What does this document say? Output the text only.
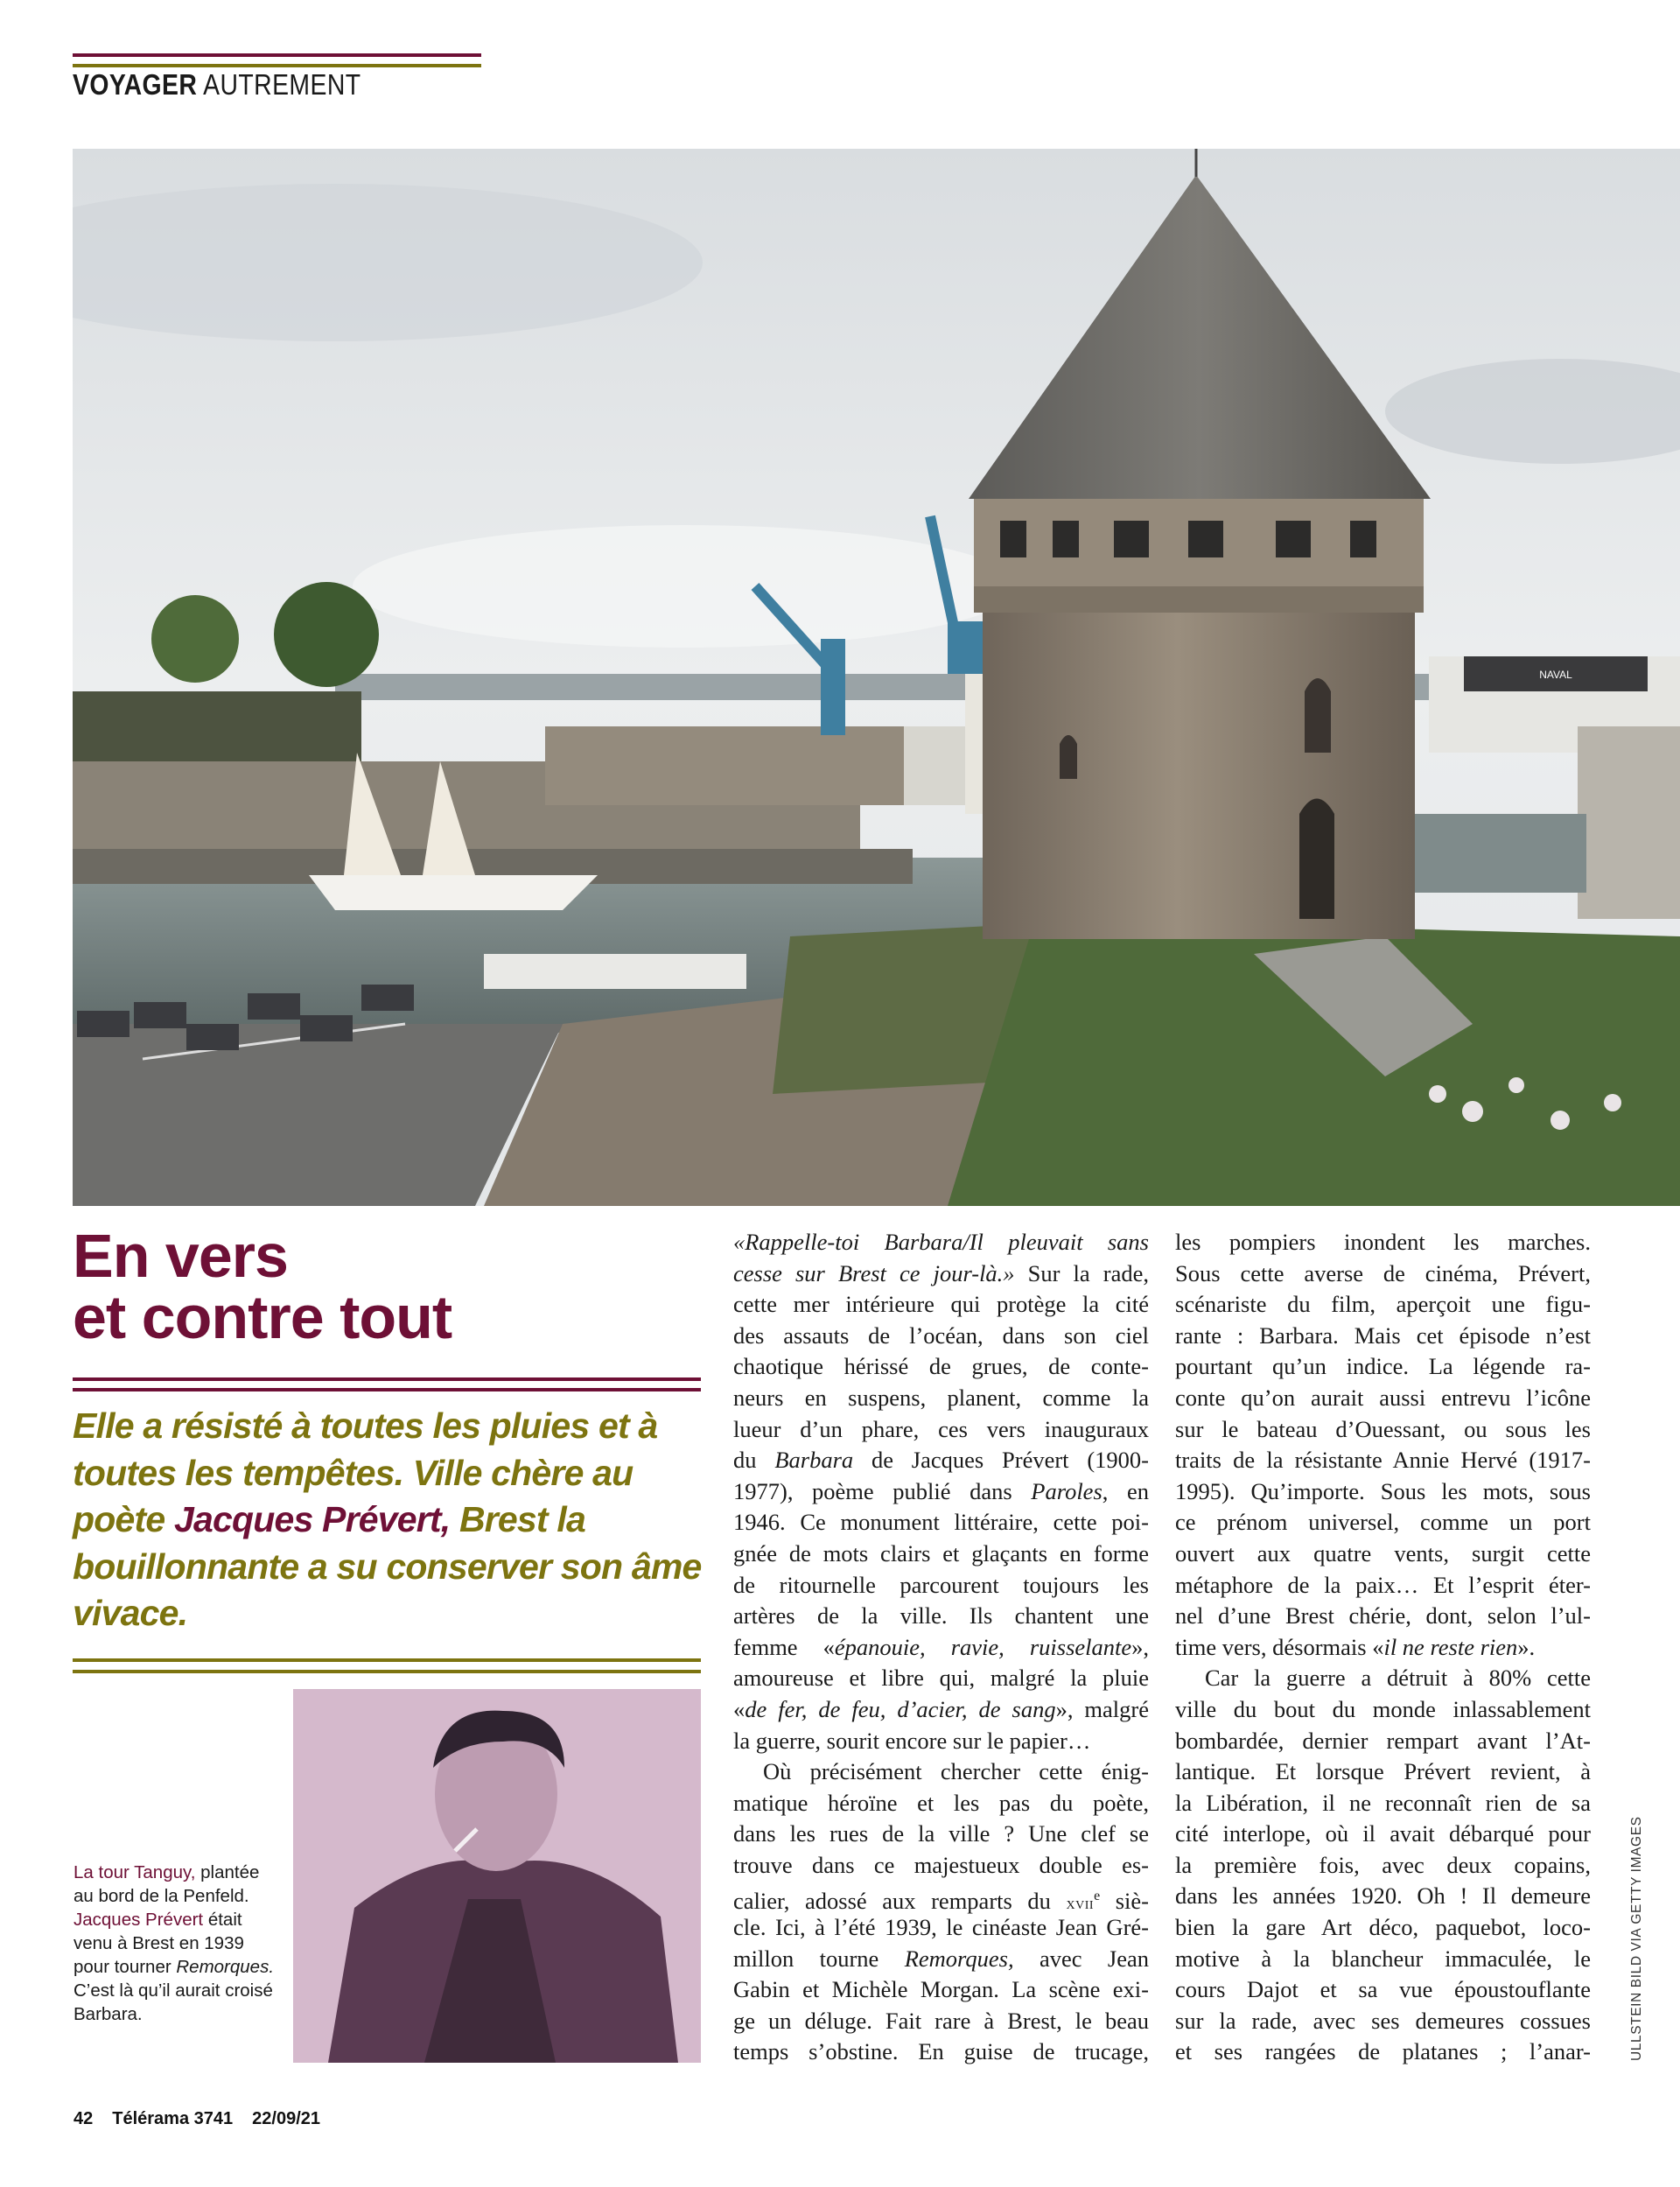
VOYAGER AUTREMENT
NAVAL
En vers
et contre tout
Elle a résisté à toutes les pluies et à toutes les tempêtes. Ville chère au poète Jacques Prévert, Brest la bouillonnante a su conserver son âme vivace.
La tour Tanguy, plantée au bord de la Penfeld.
Jacques Prévert était venu à Brest en 1939 pour tourner Remorques. C’est là qu’il aurait croisé Barbara.
«Rappelle-toi Barbara/Il pleuvait sans
cesse sur Brest ce jour-là.» Sur la rade,
cette mer intérieure qui protège la cité
des assauts de l’océan, dans son ciel
chaotique hérissé de grues, de conte-
neurs en suspens, planent, comme la
lueur d’un phare, ces vers inauguraux
du Barbara de Jacques Prévert (1900-
1977), poème publié dans Paroles, en
1946. Ce monument littéraire, cette poi-
gnée de mots clairs et glaçants en forme
de ritournelle parcourent toujours les
artères de la ville. Ils chantent une
femme «épanouie, ravie, ruisselante»,
amoureuse et libre qui, malgré la pluie
«de fer, de feu, d’acier, de sang», malgré
la guerre, sourit encore sur le papier…
Où précisément chercher cette énig-
matique héroïne et les pas du poète,
dans les rues de la ville ? Une clef se
trouve dans ce majestueux double es-
calier, adossé aux remparts du xvii$^e$ siè-
cle. Ici, à l’été 1939, le cinéaste Jean Gré-
millon tourne Remorques, avec Jean
Gabin et Michèle Morgan. La scène exi-
ge un déluge. Fait rare à Brest, le beau
temps s’obstine. En guise de trucage,
les pompiers inondent les marches.
Sous cette averse de cinéma, Prévert,
scénariste du film, aperçoit une figu-
rante : Barbara. Mais cet épisode n’est
pourtant qu’un indice. La légende ra-
conte qu’on aurait aussi entrevu l’icône
sur le bateau d’Ouessant, ou sous les
traits de la résistante Annie Hervé (1917-
1995). Qu’importe. Sous les mots, sous
ce prénom universel, comme un port
ouvert aux quatre vents, surgit cette
métaphore de la paix… Et l’esprit éter-
nel d’une Brest chérie, dont, selon l’ul-
time vers, désormais «il ne reste rien».
Car la guerre a détruit à 80% cette
ville du bout du monde inlassablement
bombardée, dernier rempart avant l’At-
lantique. Et lorsque Prévert revient, à
la Libération, il ne reconnaît rien de sa
cité interlope, où il avait débarqué pour
la première fois, avec deux copains,
dans les années 1920. Oh ! Il demeure
bien la gare Art déco, paquebot, loco-
motive à la blancheur immaculée, le
cours Dajot et sa vue époustouflante
sur la rade, avec ses demeures cossues
et ses rangées de platanes ; l’anar-	ULLSTEIN BILD VIA GETTY IMAGES
42 Télérama 3741 22/09/21
